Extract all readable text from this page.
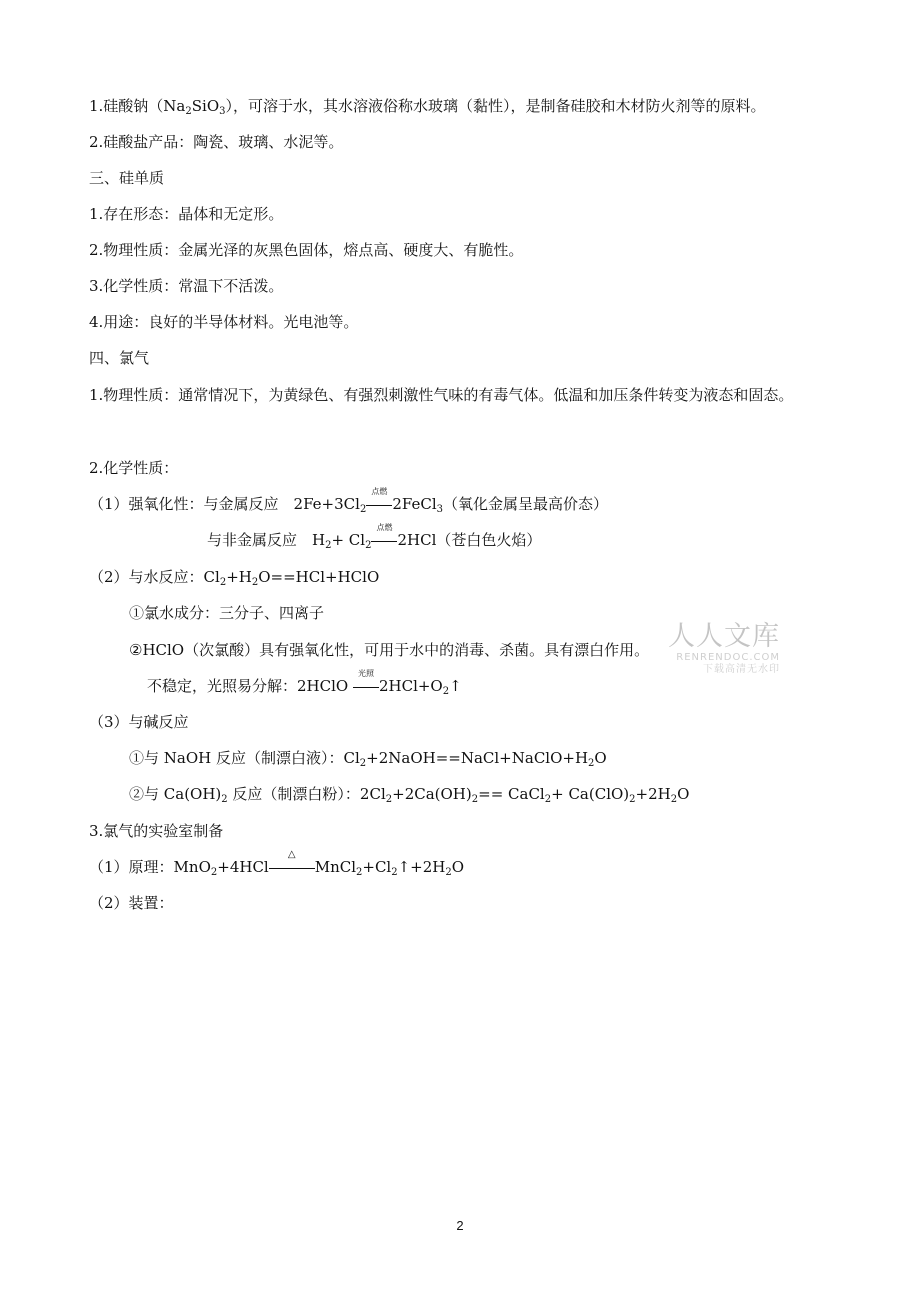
1.硅酸钠$(Na_2SiO_3)$，可溶于水，其水溶液俗称水玻璃（黏性），是制备硅胶和木材防火剂等的原料。
2.硅酸盐产品：陶瓷、玻璃、水泥等。
三、硅单质
1.存在形态：晶体和无定形。
2.物理性质：金属光泽的灰黑色固体，熔点高、硬度大、有脆性。
3.化学性质：常温下不活泼。
4.用途：良好的半导体材料。光电池等。
四、氯气
1.物理性质：通常情况下，为黄绿色、有强烈刺激性气味的有毒气体。低温和加压条件转变为液态和固态。
2.化学性质：
（1）强氧化性：与金属反应　$2Fe+3Cl_2$
点燃
2FeCl$_3$（氧化金属呈最高价态）
与非金属反应　$H_2+ Cl_2$
点燃
2HCl（苍白色火焰）
（2）与水反应：$Cl_2+H_2O==HCl+HClO$
①氯水成分：三分子、四离子
②HClO（次氯酸）具有强氧化性，可用于水中的消毒、杀菌。具有漂白作用。
不稳定，光照易分解：2HClO
光照
$2HCl+O_2↑$
（3）与碱反应
①与 NaOH 反应（制漂白液）：$Cl_2+2NaOH==NaCl+NaClO+H_2O$
②与 $Ca(OH)_2$ 反应（制漂白粉）：$2Cl_2+2Ca(OH)_2==$ CaCl$_2$+ $Ca(ClO)_2+2H_2O$
3.氯气的实验室制备
（1）原理：MnO$_2$+4HCl
△
$MnCl_2+Cl_2↑+2H_2O$
（2）装置：
人人文库
RENRENDOC.COM
下载高清无水印
2
